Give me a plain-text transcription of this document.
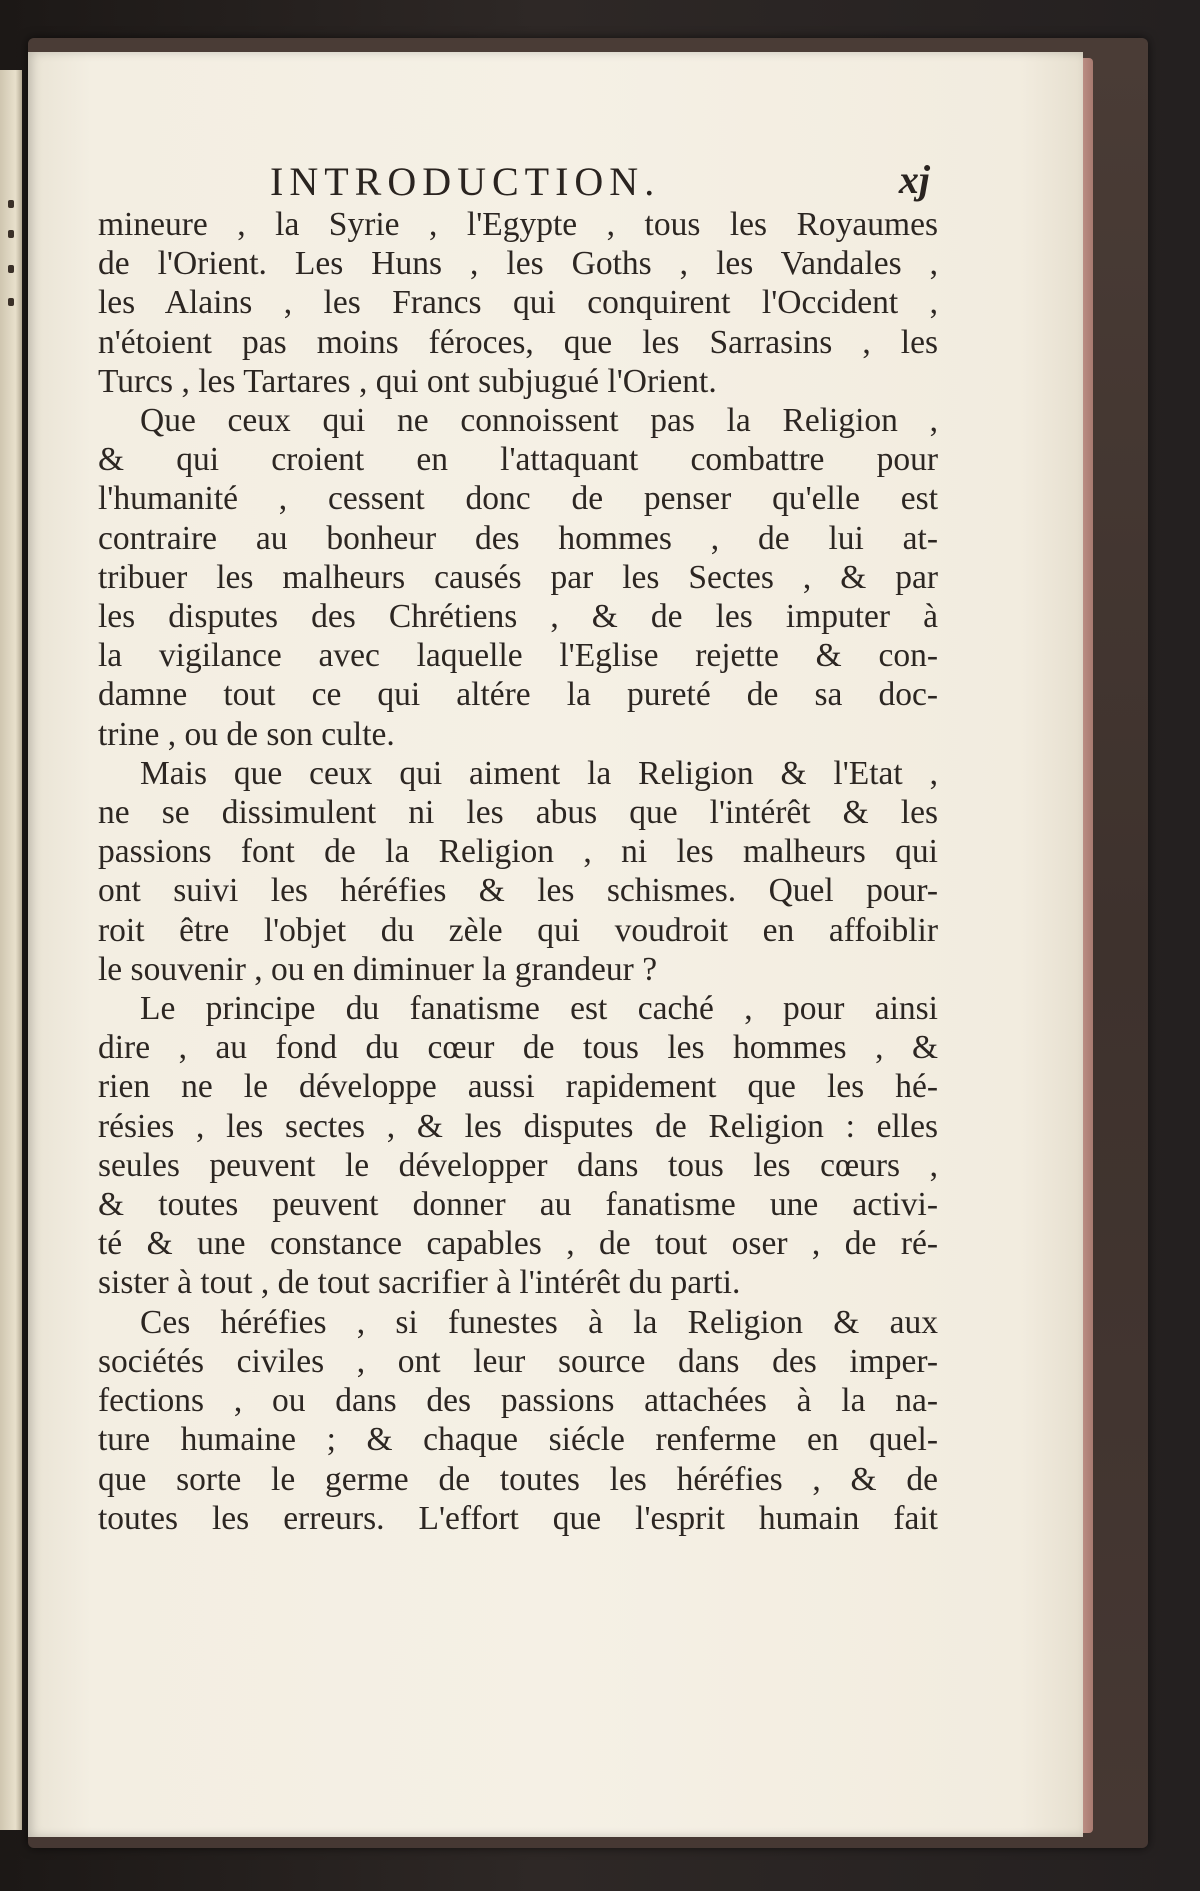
INTRODUCTION.	xj
mineure , la Syrie , l'Egypte , tous les Royaumes
de l'Orient. Les Huns , les Goths , les Vandales ,
les Alains , les Francs qui conquirent l'Occident ,
n'étoient pas moins féroces, que les Sarrasins , les
Turcs , les Tartares , qui ont subjugué l'Orient.
Que ceux qui ne connoissent pas la Religion ,
& qui croient en l'attaquant combattre pour
l'humanité , cessent donc de penser qu'elle est
contraire au bonheur des hommes , de lui at-
tribuer les malheurs causés par les Sectes , & par
les disputes des Chrétiens , & de les imputer à
la vigilance avec laquelle l'Eglise rejette & con-
damne tout ce qui altére la pureté de sa doc-
trine , ou de son culte.
Mais que ceux qui aiment la Religion & l'Etat ,
ne se dissimulent ni les abus que l'intérêt & les
passions font de la Religion , ni les malheurs qui
ont suivi les héréfies & les schismes. Quel pour-
roit être l'objet du zèle qui voudroit en affoiblir
le souvenir , ou en diminuer la grandeur ?
Le principe du fanatisme est caché , pour ainsi
dire , au fond du cœur de tous les hommes , &
rien ne le développe aussi rapidement que les hé-
résies , les sectes , & les disputes de Religion : elles
seules peuvent le développer dans tous les cœurs ,
& toutes peuvent donner au fanatisme une activi-
té & une constance capables , de tout oser , de ré-
sister à tout , de tout sacrifier à l'intérêt du parti.
Ces héréfies , si funestes à la Religion & aux
sociétés civiles , ont leur source dans des imper-
fections , ou dans des passions attachées à la na-
ture humaine ; & chaque siécle renferme en quel-
que sorte le germe de toutes les héréfies , & de
toutes les erreurs. L'effort que l'esprit humain fait
